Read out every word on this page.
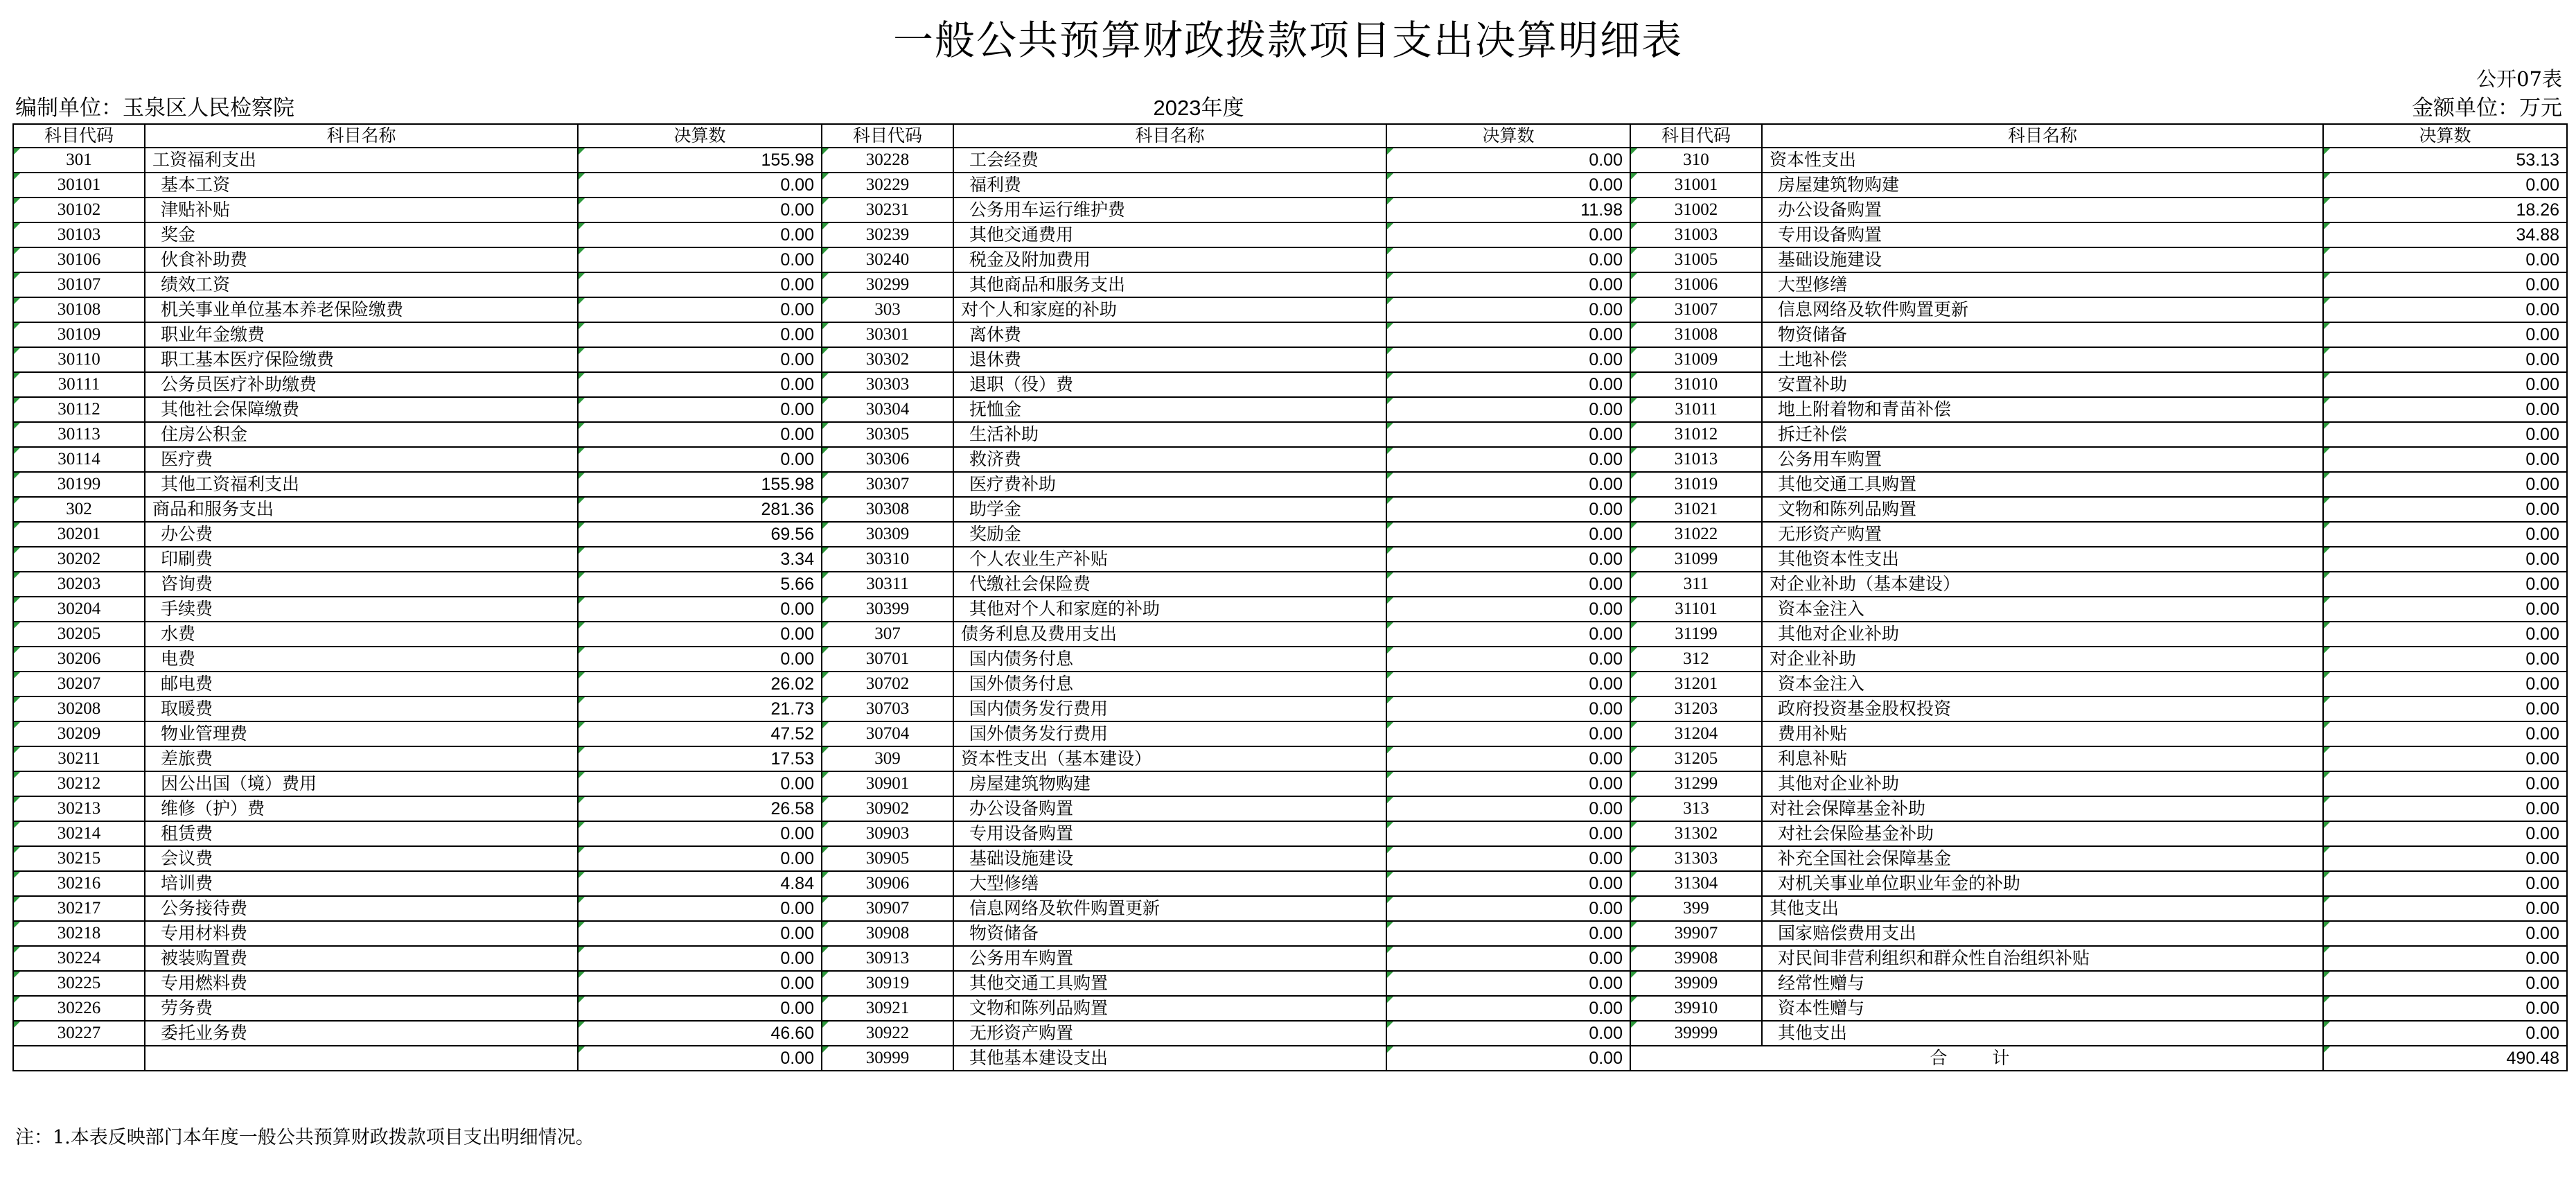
一般公共预算财政拨款项目支出决算明细表
公开07表
编制单位：玉泉区人民检察院	2023年度	金额单位：万元
科目代码	科目名称	决算数	科目代码	科目名称	决算数	科目代码	科目名称	决算数
301	工资福利支出	155.98	30228	工会经费	0.00	310	资本性支出	53.13
30101	基本工资	0.00	30229	福利费	0.00	31001	房屋建筑物购建	0.00
30102	津贴补贴	0.00	30231	公务用车运行维护费	11.98	31002	办公设备购置	18.26
30103	奖金	0.00	30239	其他交通费用	0.00	31003	专用设备购置	34.88
30106	伙食补助费	0.00	30240	税金及附加费用	0.00	31005	基础设施建设	0.00
30107	绩效工资	0.00	30299	其他商品和服务支出	0.00	31006	大型修缮	0.00
30108	机关事业单位基本养老保险缴费	0.00	303	对个人和家庭的补助	0.00	31007	信息网络及软件购置更新	0.00
30109	职业年金缴费	0.00	30301	离休费	0.00	31008	物资储备	0.00
30110	职工基本医疗保险缴费	0.00	30302	退休费	0.00	31009	土地补偿	0.00
30111	公务员医疗补助缴费	0.00	30303	退职（役）费	0.00	31010	安置补助	0.00
30112	其他社会保障缴费	0.00	30304	抚恤金	0.00	31011	地上附着物和青苗补偿	0.00
30113	住房公积金	0.00	30305	生活补助	0.00	31012	拆迁补偿	0.00
30114	医疗费	0.00	30306	救济费	0.00	31013	公务用车购置	0.00
30199	其他工资福利支出	155.98	30307	医疗费补助	0.00	31019	其他交通工具购置	0.00
302	商品和服务支出	281.36	30308	助学金	0.00	31021	文物和陈列品购置	0.00
30201	办公费	69.56	30309	奖励金	0.00	31022	无形资产购置	0.00
30202	印刷费	3.34	30310	个人农业生产补贴	0.00	31099	其他资本性支出	0.00
30203	咨询费	5.66	30311	代缴社会保险费	0.00	311	对企业补助（基本建设）	0.00
30204	手续费	0.00	30399	其他对个人和家庭的补助	0.00	31101	资本金注入	0.00
30205	水费	0.00	307	债务利息及费用支出	0.00	31199	其他对企业补助	0.00
30206	电费	0.00	30701	国内债务付息	0.00	312	对企业补助	0.00
30207	邮电费	26.02	30702	国外债务付息	0.00	31201	资本金注入	0.00
30208	取暖费	21.73	30703	国内债务发行费用	0.00	31203	政府投资基金股权投资	0.00
30209	物业管理费	47.52	30704	国外债务发行费用	0.00	31204	费用补贴	0.00
30211	差旅费	17.53	309	资本性支出（基本建设）	0.00	31205	利息补贴	0.00
30212	因公出国（境）费用	0.00	30901	房屋建筑物购建	0.00	31299	其他对企业补助	0.00
30213	维修（护）费	26.58	30902	办公设备购置	0.00	313	对社会保障基金补助	0.00
30214	租赁费	0.00	30903	专用设备购置	0.00	31302	对社会保险基金补助	0.00
30215	会议费	0.00	30905	基础设施建设	0.00	31303	补充全国社会保障基金	0.00
30216	培训费	4.84	30906	大型修缮	0.00	31304	对机关事业单位职业年金的补助	0.00
30217	公务接待费	0.00	30907	信息网络及软件购置更新	0.00	399	其他支出	0.00
30218	专用材料费	0.00	30908	物资储备	0.00	39907	国家赔偿费用支出	0.00
30224	被装购置费	0.00	30913	公务用车购置	0.00	39908	对民间非营利组织和群众性自治组织补贴	0.00
30225	专用燃料费	0.00	30919	其他交通工具购置	0.00	39909	经常性赠与	0.00
30226	劳务费	0.00	30921	文物和陈列品购置	0.00	39910	资本性赠与	0.00
30227	委托业务费	46.60	30922	无形资产购置	0.00	39999	其他支出	0.00
		0.00	30999	其他基本建设支出	0.00	合　计		490.48
注：1.本表反映部门本年度一般公共预算财政拨款项目支出明细情况。
